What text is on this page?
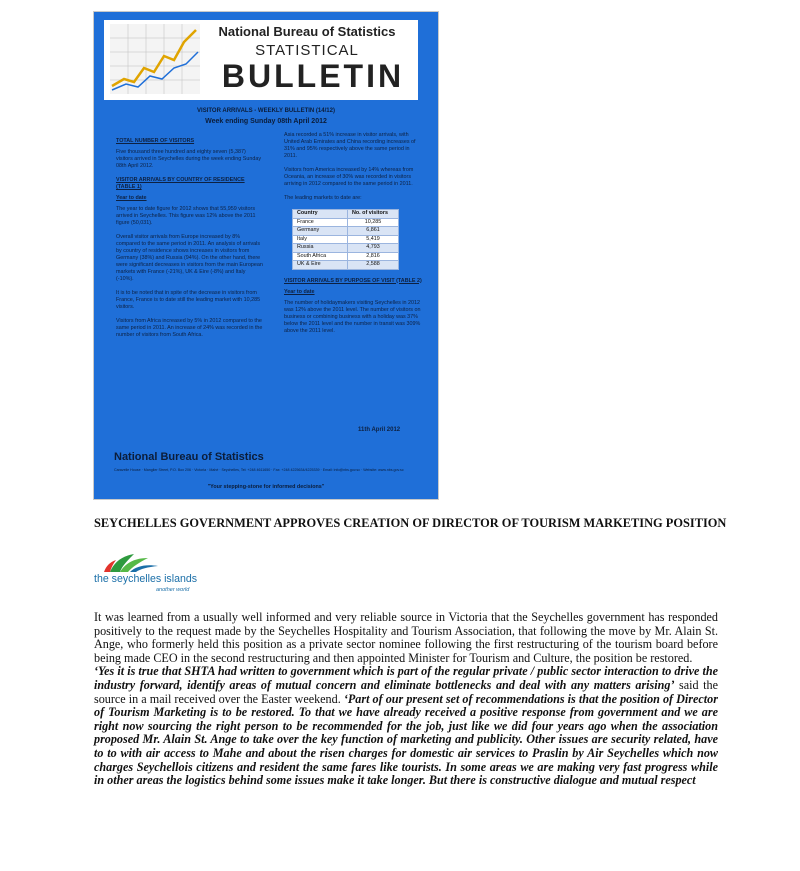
National Bureau of Statistics
STATISTICAL
BULLETIN
VISITOR ARRIVALS - WEEKLY BULLETIN (14/12)
Week ending Sunday 08th April 2012

TOTAL NUMBER OF VISITORS

Five thousand three hundred and eighty seven (5,387) visitors arrived in Seychelles during the week ending Sunday 08th April 2012.

VISITOR ARRIVALS BY COUNTRY OF RESIDENCE (TABLE 1)

Year to date

The year to date figure for 2012 shows that 55,959 visitors arrived in Seychelles. This figure was 12% above the 2011 figure (50,031).

Overall visitor arrivals from Europe increased by 8% compared to the same period in 2011. An analysis of arrivals by country of residence shows increases in visitors from Germany (38%) and Russia (94%). On the other hand, there were significant decreases in visitors from the main European markets with France (-21%), UK & Eire (-8%) and Italy (-10%).

It is to be noted that in spite of the decrease in visitors from France, France is to date still the leading market with 10,285 visitors.

Visitors from Africa increased by 5% in 2012 compared to the same period in 2011. An increase of 24% was recorded in the number of visitors from South Africa.

Asia recorded a 51% increase in visitor arrivals, with United Arab Emirates and China recording increases of 31% and 95% respectively above the same period in 2011.

Visitors from America increased by 14% whereas from Oceania, an increase of 30% was recorded in visitors arriving in 2012 compared to the same period in 2011.

The leading markets to date are:

Country	No. of visitors
France	10,285
Germany	6,861
Italy	5,419
Russia	4,793
South Africa	2,816
UK & Eire	2,588

VISITOR ARRIVALS BY PURPOSE OF VISIT (TABLE 2)

Year to date

The number of holidaymakers visiting Seychelles in 2012 was 12% above the 2011 level. The number of visitors on business or combining business with a holiday was 37% below the 2011 level and the number in transit was 309% above the 2011 level.

11th April 2012
National Bureau of Statistics
Caravelle House · Manglier Street, P.O. Box 206 · Victoria · Mahé · Seychelles, Tel: +248 4611650 · Fax: +248 4225634/4225339 · Email: info@nbs.gov.sc · Website: www.nbs.gov.sc
"Your stepping-stone for informed decisions"
SEYCHELLES GOVERNMENT APPROVES CREATION OF DIRECTOR OF TOURISM MARKETING POSITION
the seychelles islands
another world

It was learned from a usually well informed and very reliable source in Victoria that the Seychelles government has responded positively to the request made by the Seychelles Hospitality and Tourism Association, that following the move by Mr. Alain St. Ange, who formerly held this position as a private sector nominee following the first restructuring of the tourism board before being made CEO in the second restructuring and then appointed Minister for Tourism and Culture, the position be restored.

‘Yes it is true that SHTA had written to government which is part of the regular private / public sector interaction to drive the industry forward, identify areas of mutual concern and eliminate bottlenecks and deal with any matters arising’ said the source in a mail received over the Easter weekend. ‘Part of our present set of recommendations is that the position of Director of Tourism Marketing is to be restored. To that we have already received a positive response from government and we are right now sourcing the right person to be recommended for the job, just like we did four years ago when the association proposed Mr. Alain St. Ange to take over the key function of marketing and publicity. Other issues are security related, have to to with air access to Mahe and about the risen charges for domestic air services to Praslin by Air Seychelles which now charges Seychellois citizens and resident the same fares like tourists. In some areas we are making very fast progress while in other areas the logistics behind some issues make it take longer. But there is constructive dialogue and mutual respect
